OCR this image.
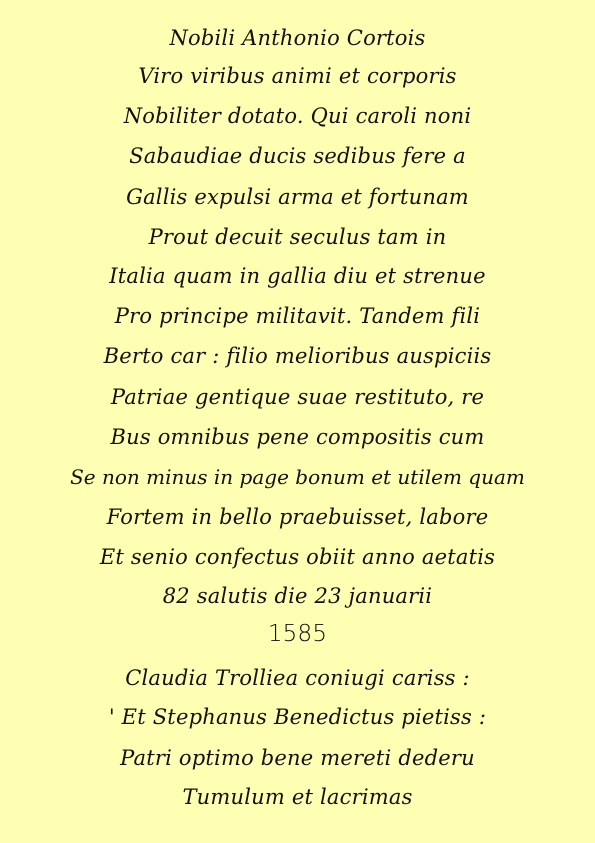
Nobili Anthonio Cortois
Viro viribus animi et corporis
Nobiliter dotato. Qui caroli noni
Sabaudiae ducis sedibus fere a
Gallis expulsi arma et fortunam
Prout decuit seculus tam in
Italia quam in gallia diu et strenue
Pro principe militavit. Tandem fili
Berto car : filio melioribus auspiciis
Patriae gentique suae restituto, re
Bus omnibus pene compositis cum
Se non minus in page bonum et utilem quam
Fortem in bello praebuisset, labore
Et senio confectus obiit anno aetatis
82 salutis die 23 januarii
1585
Claudia Trolliea coniugi cariss :
' Et Stephanus Benedictus pietiss :
Patri optimo bene mereti dederu
Tumulum et lacrimas
